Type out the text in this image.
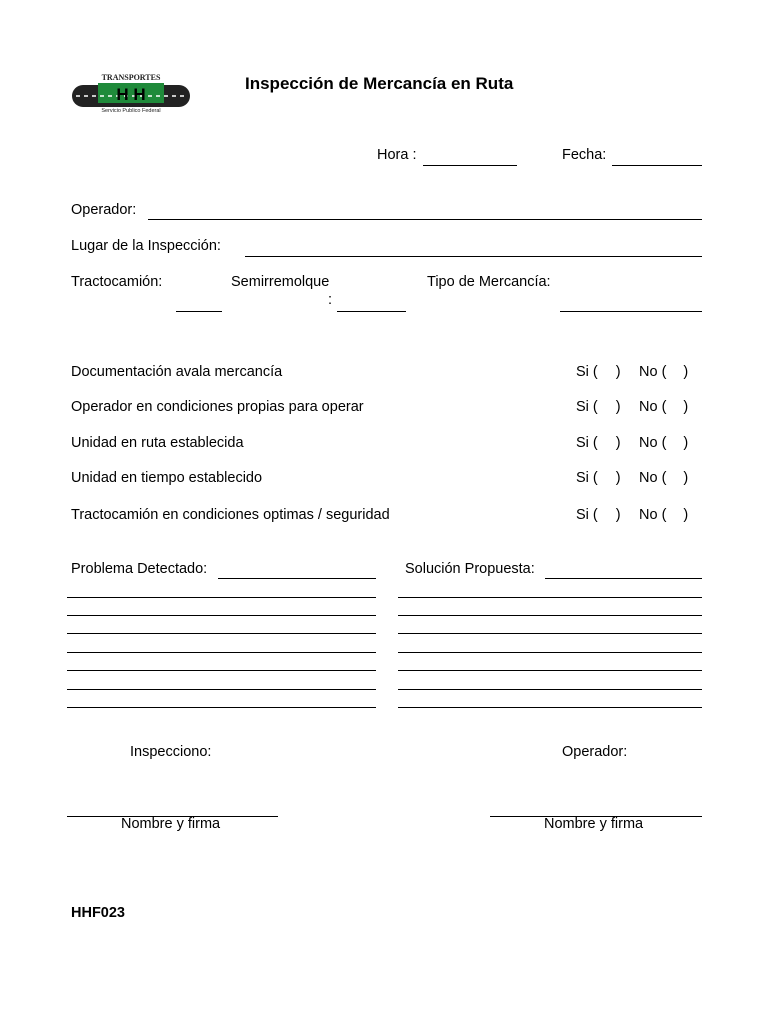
TRANSPORTES
H H
Servicio Publico Federal
Inspección de Mercancía en Ruta
Hora :	Fecha:
Operador:
Lugar de la Inspección:
Tractocamión:	Semirremolque
:
Tipo de Mercancía:
Documentación avala mercancía	Si ( ) No ( )
Operador en condiciones propias para operar	Si ( ) No ( )
Unidad en ruta establecida	Si ( ) No ( )
Unidad en tiempo establecido	Si ( ) No ( )
Tractocamión en condiciones optimas / seguridad	Si ( ) No ( )
Problema Detectado:	Solución Propuesta:
Inspecciono:	Operador:
Nombre y firma	Nombre y firma
HHF023
